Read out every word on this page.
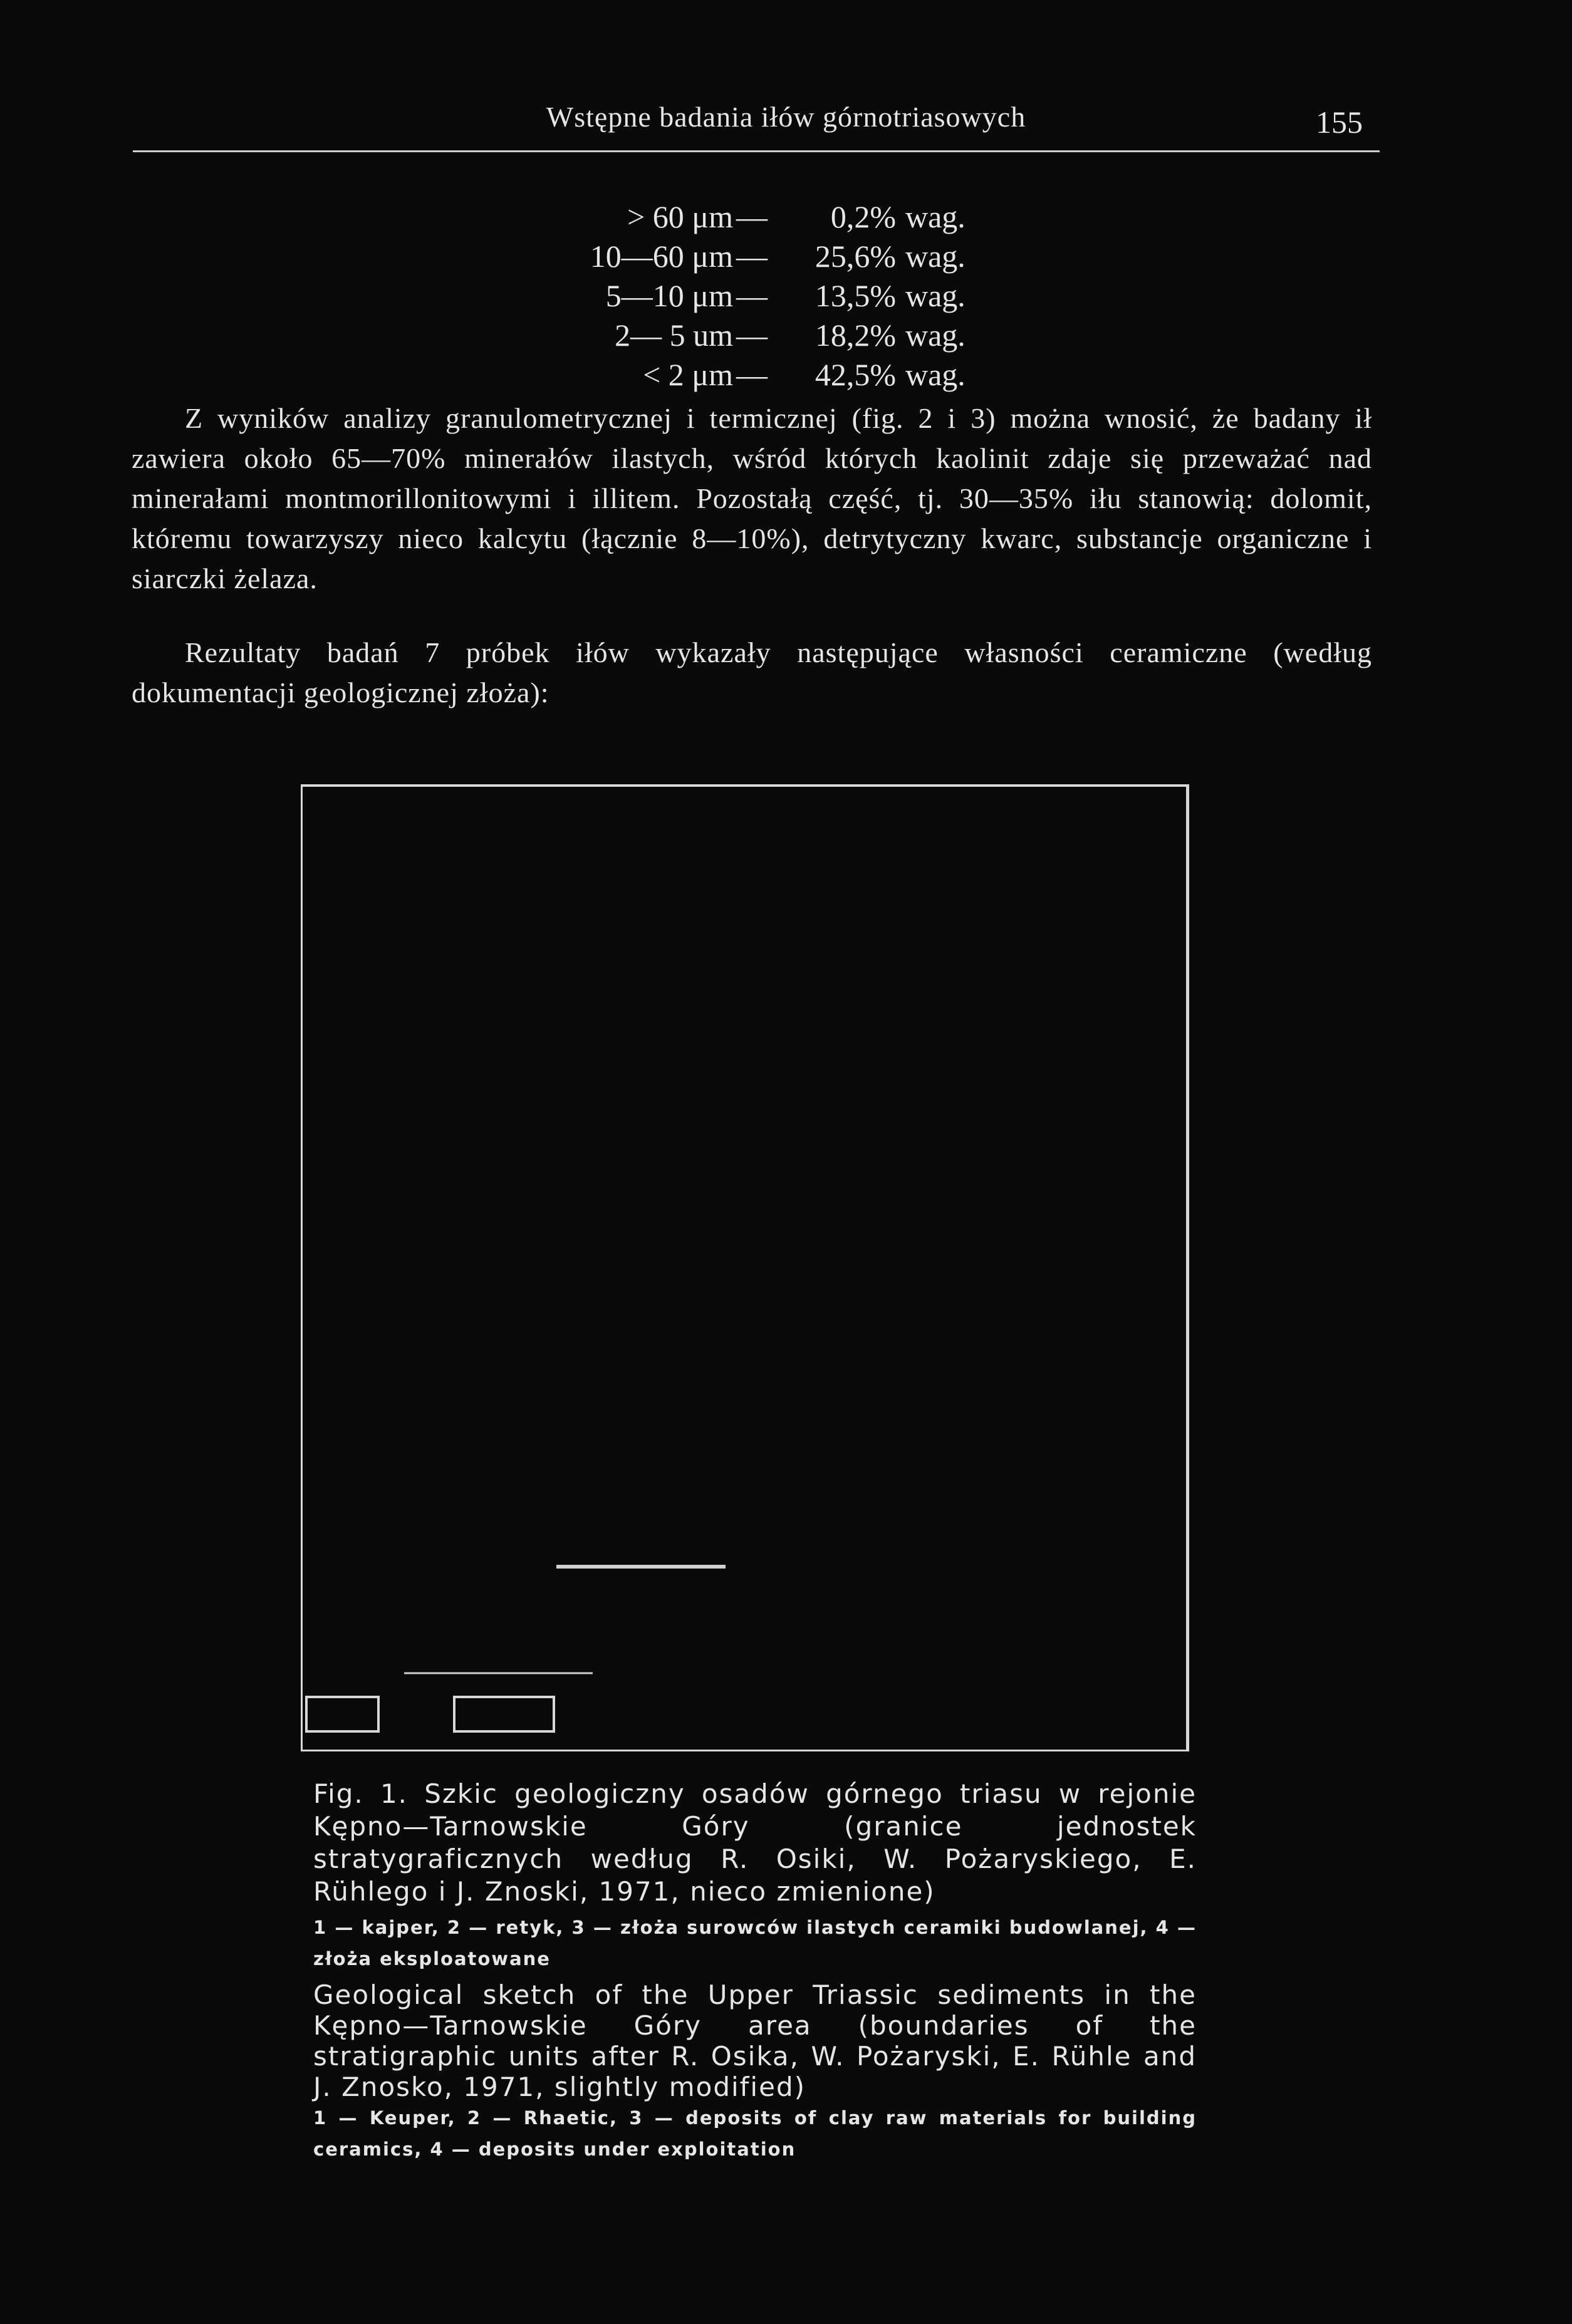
Wstępne badania iłów górnotriasowych	155
> 60 μm —	0,2% wag.
10—60 μm —	25,6% wag.
5—10 μm —	13,5% wag.
2— 5 um —	18,2% wag.
< 2 μm —	42,5% wag.
Z wyników analizy granulometrycznej i termicznej (fig. 2 i 3) można wnosić, że badany ił zawiera około 65—70% minerałów ilastych, wśród których kaolinit zdaje się przeważać nad minerałami montmorillonitowymi i illitem. Pozostałą część, tj. 30—35% iłu stanowią: dolomit, któremu towarzyszy nieco kalcytu (łącznie 8—10%), detrytyczny kwarc, substancje organiczne i siarczki żelaza.
Rezultaty badań 7 próbek iłów wykazały następujące własności ceramiczne (według dokumentacji geologicznej złoża):
Fig. 1. Szkic geologiczny osadów górnego triasu w rejonie Kępno—Tarnowskie Góry (granice jednostek stratygraficznych według R. Osiki, W. Pożaryskiego, E. Rühlego i J. Znoski, 1971, nieco zmienione)
1 — kajper, 2 — retyk, 3 — złoża surowców ilastych ceramiki budowlanej, 4 — złoża eksploatowane
Geological sketch of the Upper Triassic sediments in the Kępno—Tarnowskie Góry area (boundaries of the stratigraphic units after R. Osika, W. Pożaryski, E. Rühle and J. Znosko, 1971, slightly modified)
1 — Keuper, 2 — Rhaetic, 3 — deposits of clay raw materials for building ceramics, 4 — deposits under exploitation
